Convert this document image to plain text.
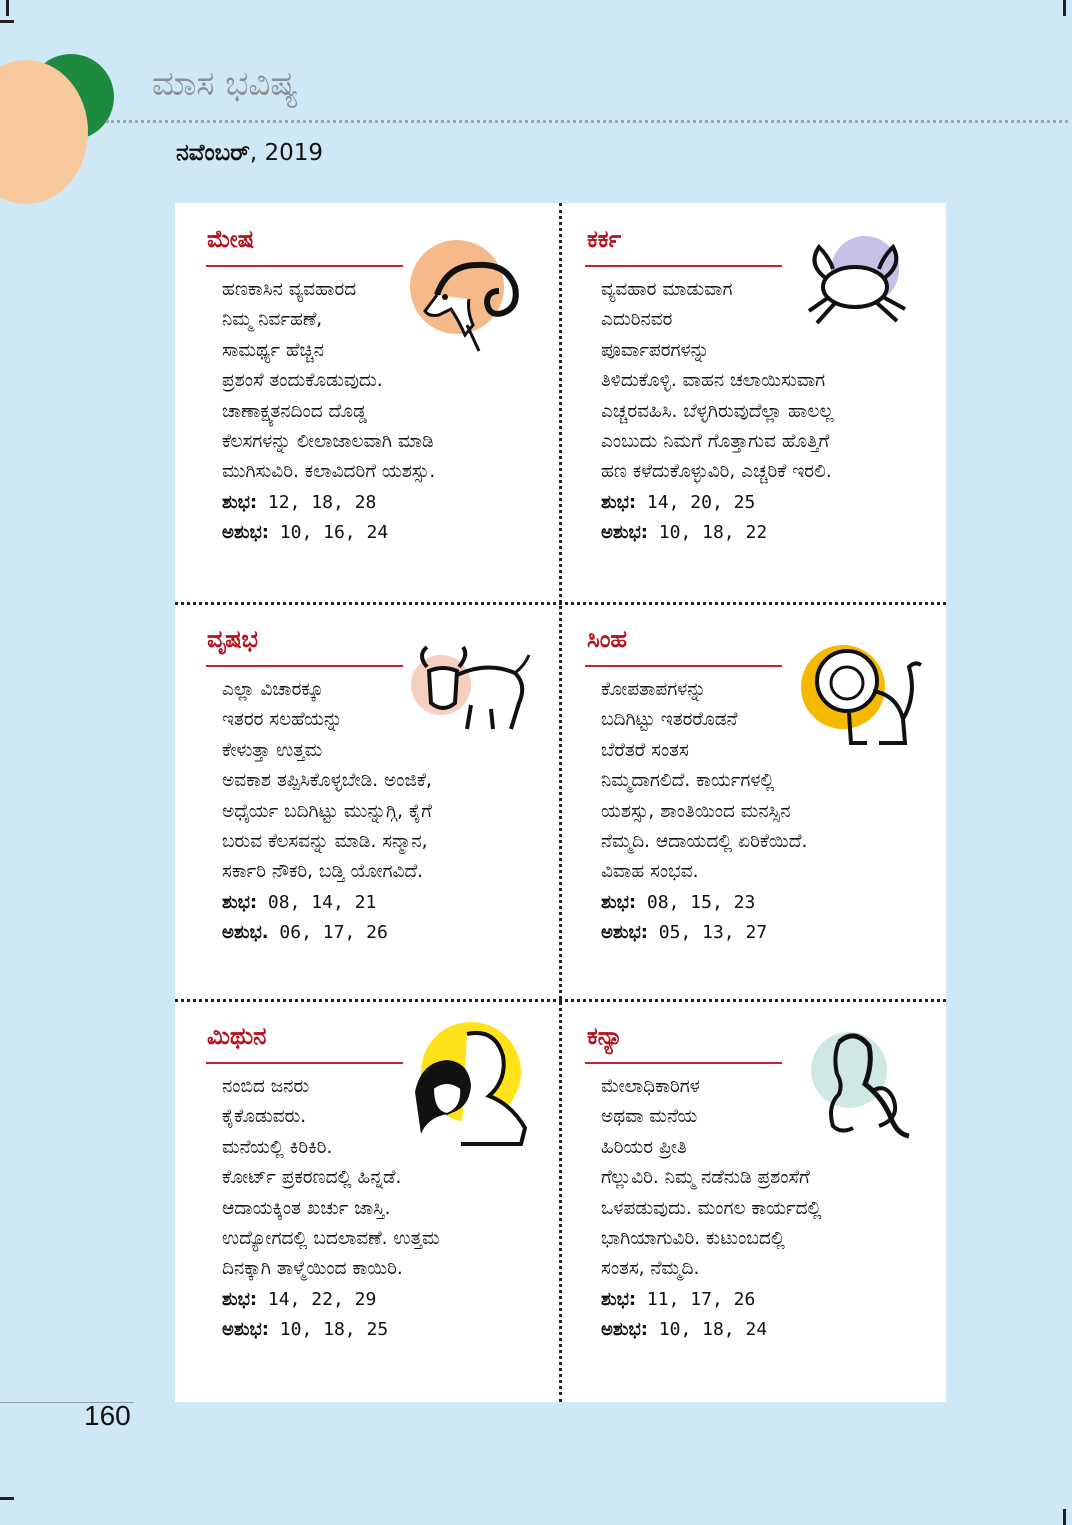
ಮಾಸ ಭವಿಷ್ಯ
ನವೆಂಬರ್, 2019
ಮೇಷ
ಹಣಕಾಸಿನ ವ್ಯವಹಾರದ
ನಿಮ್ಮ ನಿರ್ವಹಣೆ,
ಸಾಮರ್ಥ್ಯ ಹೆಚ್ಚಿನ
ಪ್ರಶಂಸೆ ತಂದುಕೊಡುವುದು.
ಚಾಣಾಕ್ಷ್ಯತನದಿಂದ ದೊಡ್ಡ
ಕೆಲಸಗಳನ್ನು ಲೀಲಾಜಾಲವಾಗಿ ಮಾಡಿ
ಮುಗಿಸುವಿರಿ. ಕಲಾವಿದರಿಗೆ ಯಶಸ್ಸು.
ಶುಭ: 12, 18, 28
ಅಶುಭ: 10, 16, 24
ಕರ್ಕ
ವ್ಯವಹಾರ ಮಾಡುವಾಗ
ಎದುರಿನವರ
ಪೂರ್ವಾಪರಗಳನ್ನು
ತಿಳಿದುಕೊಳ್ಳಿ. ವಾಹನ ಚಲಾಯಿಸುವಾಗ
ಎಚ್ಚರವಹಿಸಿ. ಬೆಳ್ಳಗಿರುವುದೆಲ್ಲಾ ಹಾಲಲ್ಲ
ಎಂಬುದು ನಿಮಗೆ ಗೊತ್ತಾಗುವ ಹೊತ್ತಿಗೆ
ಹಣ ಕಳೆದುಕೊಳ್ಳುವಿರಿ, ಎಚ್ಚರಿಕೆ ಇರಲಿ.
ಶುಭ: 14, 20, 25
ಅಶುಭ: 10, 18, 22
ವೃಷಭ
ಎಲ್ಲಾ ವಿಚಾರಕ್ಕೂ
ಇತರರ ಸಲಹೆಯನ್ನು
ಕೇಳುತ್ತಾ ಉತ್ತಮ
ಅವಕಾಶ ತಪ್ಪಿಸಿಕೊಳ್ಳಬೇಡಿ. ಅಂಜಿಕೆ,
ಅಧೈರ್ಯ ಬದಿಗಿಟ್ಟು ಮುನ್ನುಗ್ಗಿ, ಕೈಗೆ
ಬರುವ ಕೆಲಸವನ್ನು ಮಾಡಿ. ಸನ್ಮಾನ,
ಸರ್ಕಾರಿ ನೌಕರಿ, ಬಡ್ತಿ ಯೋಗವಿದೆ.
ಶುಭ: 08, 14, 21
ಅಶುಭ. 06, 17, 26
ಸಿಂಹ
ಕೋಪತಾಪಗಳನ್ನು
ಬದಿಗಿಟ್ಟು ಇತರರೊಡನೆ
ಬೆರೆತರೆ ಸಂತಸ
ನಿಮ್ಮದಾಗಲಿದೆ. ಕಾರ್ಯಗಳಲ್ಲಿ
ಯಶಸ್ಸು, ಶಾಂತಿಯಿಂದ ಮನಸ್ಸಿನ
ನೆಮ್ಮದಿ. ಆದಾಯದಲ್ಲಿ ಏರಿಕೆಯಿದೆ.
ವಿವಾಹ ಸಂಭವ.
ಶುಭ: 08, 15, 23
ಅಶುಭ: 05, 13, 27
ಮಿಥುನ
ನಂಬಿದ ಜನರು
ಕೈಕೊಡುವರು.
ಮನೆಯಲ್ಲಿ ಕಿರಿಕಿರಿ.
ಕೋರ್ಟ್ ಪ್ರಕರಣದಲ್ಲಿ ಹಿನ್ನಡೆ.
ಆದಾಯಕ್ಕಿಂತ ಖರ್ಚು ಜಾಸ್ತಿ.
ಉದ್ಯೋಗದಲ್ಲಿ ಬದಲಾವಣೆ. ಉತ್ತಮ
ದಿನಕ್ಕಾಗಿ ತಾಳ್ಮೆಯಿಂದ ಕಾಯಿರಿ.
ಶುಭ: 14, 22, 29
ಅಶುಭ: 10, 18, 25
ಕನ್ಯಾ
ಮೇಲಾಧಿಕಾರಿಗಳ
ಅಥವಾ ಮನೆಯ
ಹಿರಿಯರ ಪ್ರೀತಿ
ಗೆಲ್ಲುವಿರಿ. ನಿಮ್ಮ ನಡೆನುಡಿ ಪ್ರಶಂಸೆಗೆ
ಒಳಪಡುವುದು. ಮಂಗಲ ಕಾರ್ಯದಲ್ಲಿ
ಭಾಗಿಯಾಗುವಿರಿ. ಕುಟುಂಬದಲ್ಲಿ
ಸಂತಸ, ನೆಮ್ಮದಿ.
ಶುಭ: 11, 17, 26
ಅಶುಭ: 10, 18, 24
160
